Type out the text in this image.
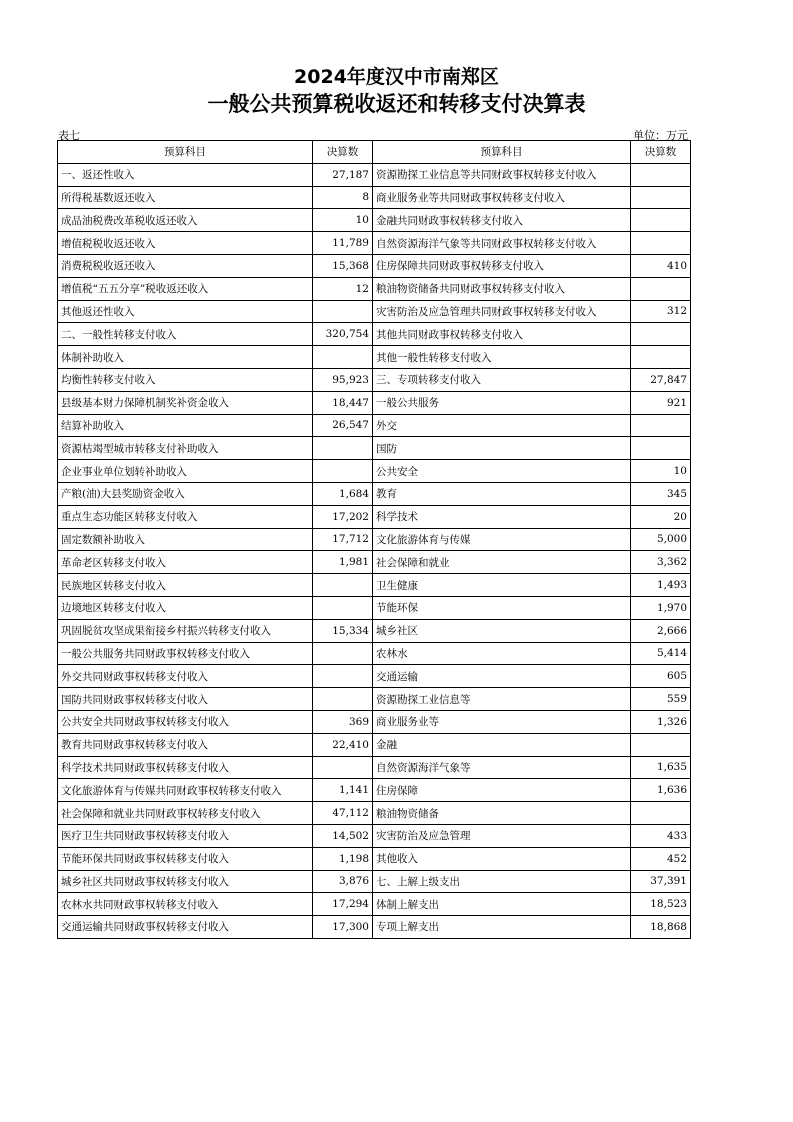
2024年度汉中市南郑区
一般公共预算税收返还和转移支付决算表
表七	单位：万元
预算科目	决算数	预算科目	决算数
一、返还性收入	27,187	资源勘探工业信息等共同财政事权转移支付收入	
所得税基数返还收入	8	商业服务业等共同财政事权转移支付收入	
成品油税费改革税收返还收入	10	金融共同财政事权转移支付收入	
增值税税收返还收入	11,789	自然资源海洋气象等共同财政事权转移支付收入	
消费税税收返还收入	15,368	住房保障共同财政事权转移支付收入	410
增值税“五五分享”税收返还收入	12	粮油物资储备共同财政事权转移支付收入	
其他返还性收入		灾害防治及应急管理共同财政事权转移支付收入	312
二、一般性转移支付收入	320,754	其他共同财政事权转移支付收入	
体制补助收入		其他一般性转移支付收入	
均衡性转移支付收入	95,923	三、专项转移支付收入	27,847
县级基本财力保障机制奖补资金收入	18,447	一般公共服务	921
结算补助收入	26,547	外交	
资源枯竭型城市转移支付补助收入		国防	
企业事业单位划转补助收入		公共安全	10
产粮(油)大县奖励资金收入	1,684	教育	345
重点生态功能区转移支付收入	17,202	科学技术	20
固定数额补助收入	17,712	文化旅游体育与传媒	5,000
革命老区转移支付收入	1,981	社会保障和就业	3,362
民族地区转移支付收入		卫生健康	1,493
边境地区转移支付收入		节能环保	1,970
巩固脱贫攻坚成果衔接乡村振兴转移支付收入	15,334	城乡社区	2,666
一般公共服务共同财政事权转移支付收入		农林水	5,414
外交共同财政事权转移支付收入		交通运输	605
国防共同财政事权转移支付收入		资源勘探工业信息等	559
公共安全共同财政事权转移支付收入	369	商业服务业等	1,326
教育共同财政事权转移支付收入	22,410	金融	
科学技术共同财政事权转移支付收入		自然资源海洋气象等	1,635
文化旅游体育与传媒共同财政事权转移支付收入	1,141	住房保障	1,636
社会保障和就业共同财政事权转移支付收入	47,112	粮油物资储备	
医疗卫生共同财政事权转移支付收入	14,502	灾害防治及应急管理	433
节能环保共同财政事权转移支付收入	1,198	其他收入	452
城乡社区共同财政事权转移支付收入	3,876	七、上解上级支出	37,391
农林水共同财政事权转移支付收入	17,294	体制上解支出	18,523
交通运输共同财政事权转移支付收入	17,300	专项上解支出	18,868
